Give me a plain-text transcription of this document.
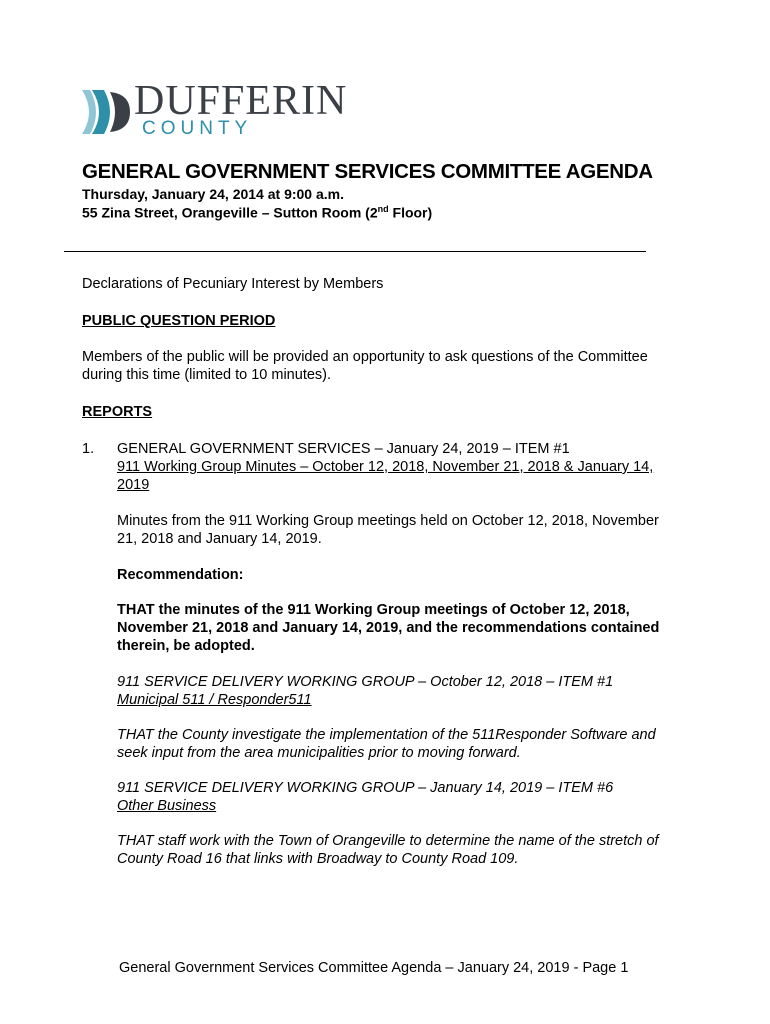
DUFFERIN
COUNTY
GENERAL GOVERNMENT SERVICES COMMITTEE AGENDA
Thursday, January 24, 2014 at 9:00 a.m.
55 Zina Street, Orangeville – Sutton Room (2nd Floor)
Declarations of Pecuniary Interest by Members
PUBLIC QUESTION PERIOD
Members of the public will be provided an opportunity to ask questions of the Committee
during this time (limited to 10 minutes).
REPORTS
1. GENERAL GOVERNMENT SERVICES – January 24, 2019 – ITEM #1
911 Working Group Minutes – October 12, 2018, November 21, 2018 & January 14,
2019
Minutes from the 911 Working Group meetings held on October 12, 2018, November
21, 2018 and January 14, 2019.
Recommendation:
THAT the minutes of the 911 Working Group meetings of October 12, 2018,
November 21, 2018 and January 14, 2019, and the recommendations contained
therein, be adopted.
911 SERVICE DELIVERY WORKING GROUP – October 12, 2018 – ITEM #1
Municipal 511 / Responder511
THAT the County investigate the implementation of the 511Responder Software and
seek input from the area municipalities prior to moving forward.
911 SERVICE DELIVERY WORKING GROUP – January 14, 2019 – ITEM #6
Other Business
THAT staff work with the Town of Orangeville to determine the name of the stretch of
County Road 16 that links with Broadway to County Road 109.
General Government Services Committee Agenda – January 24, 2019 - Page 1
